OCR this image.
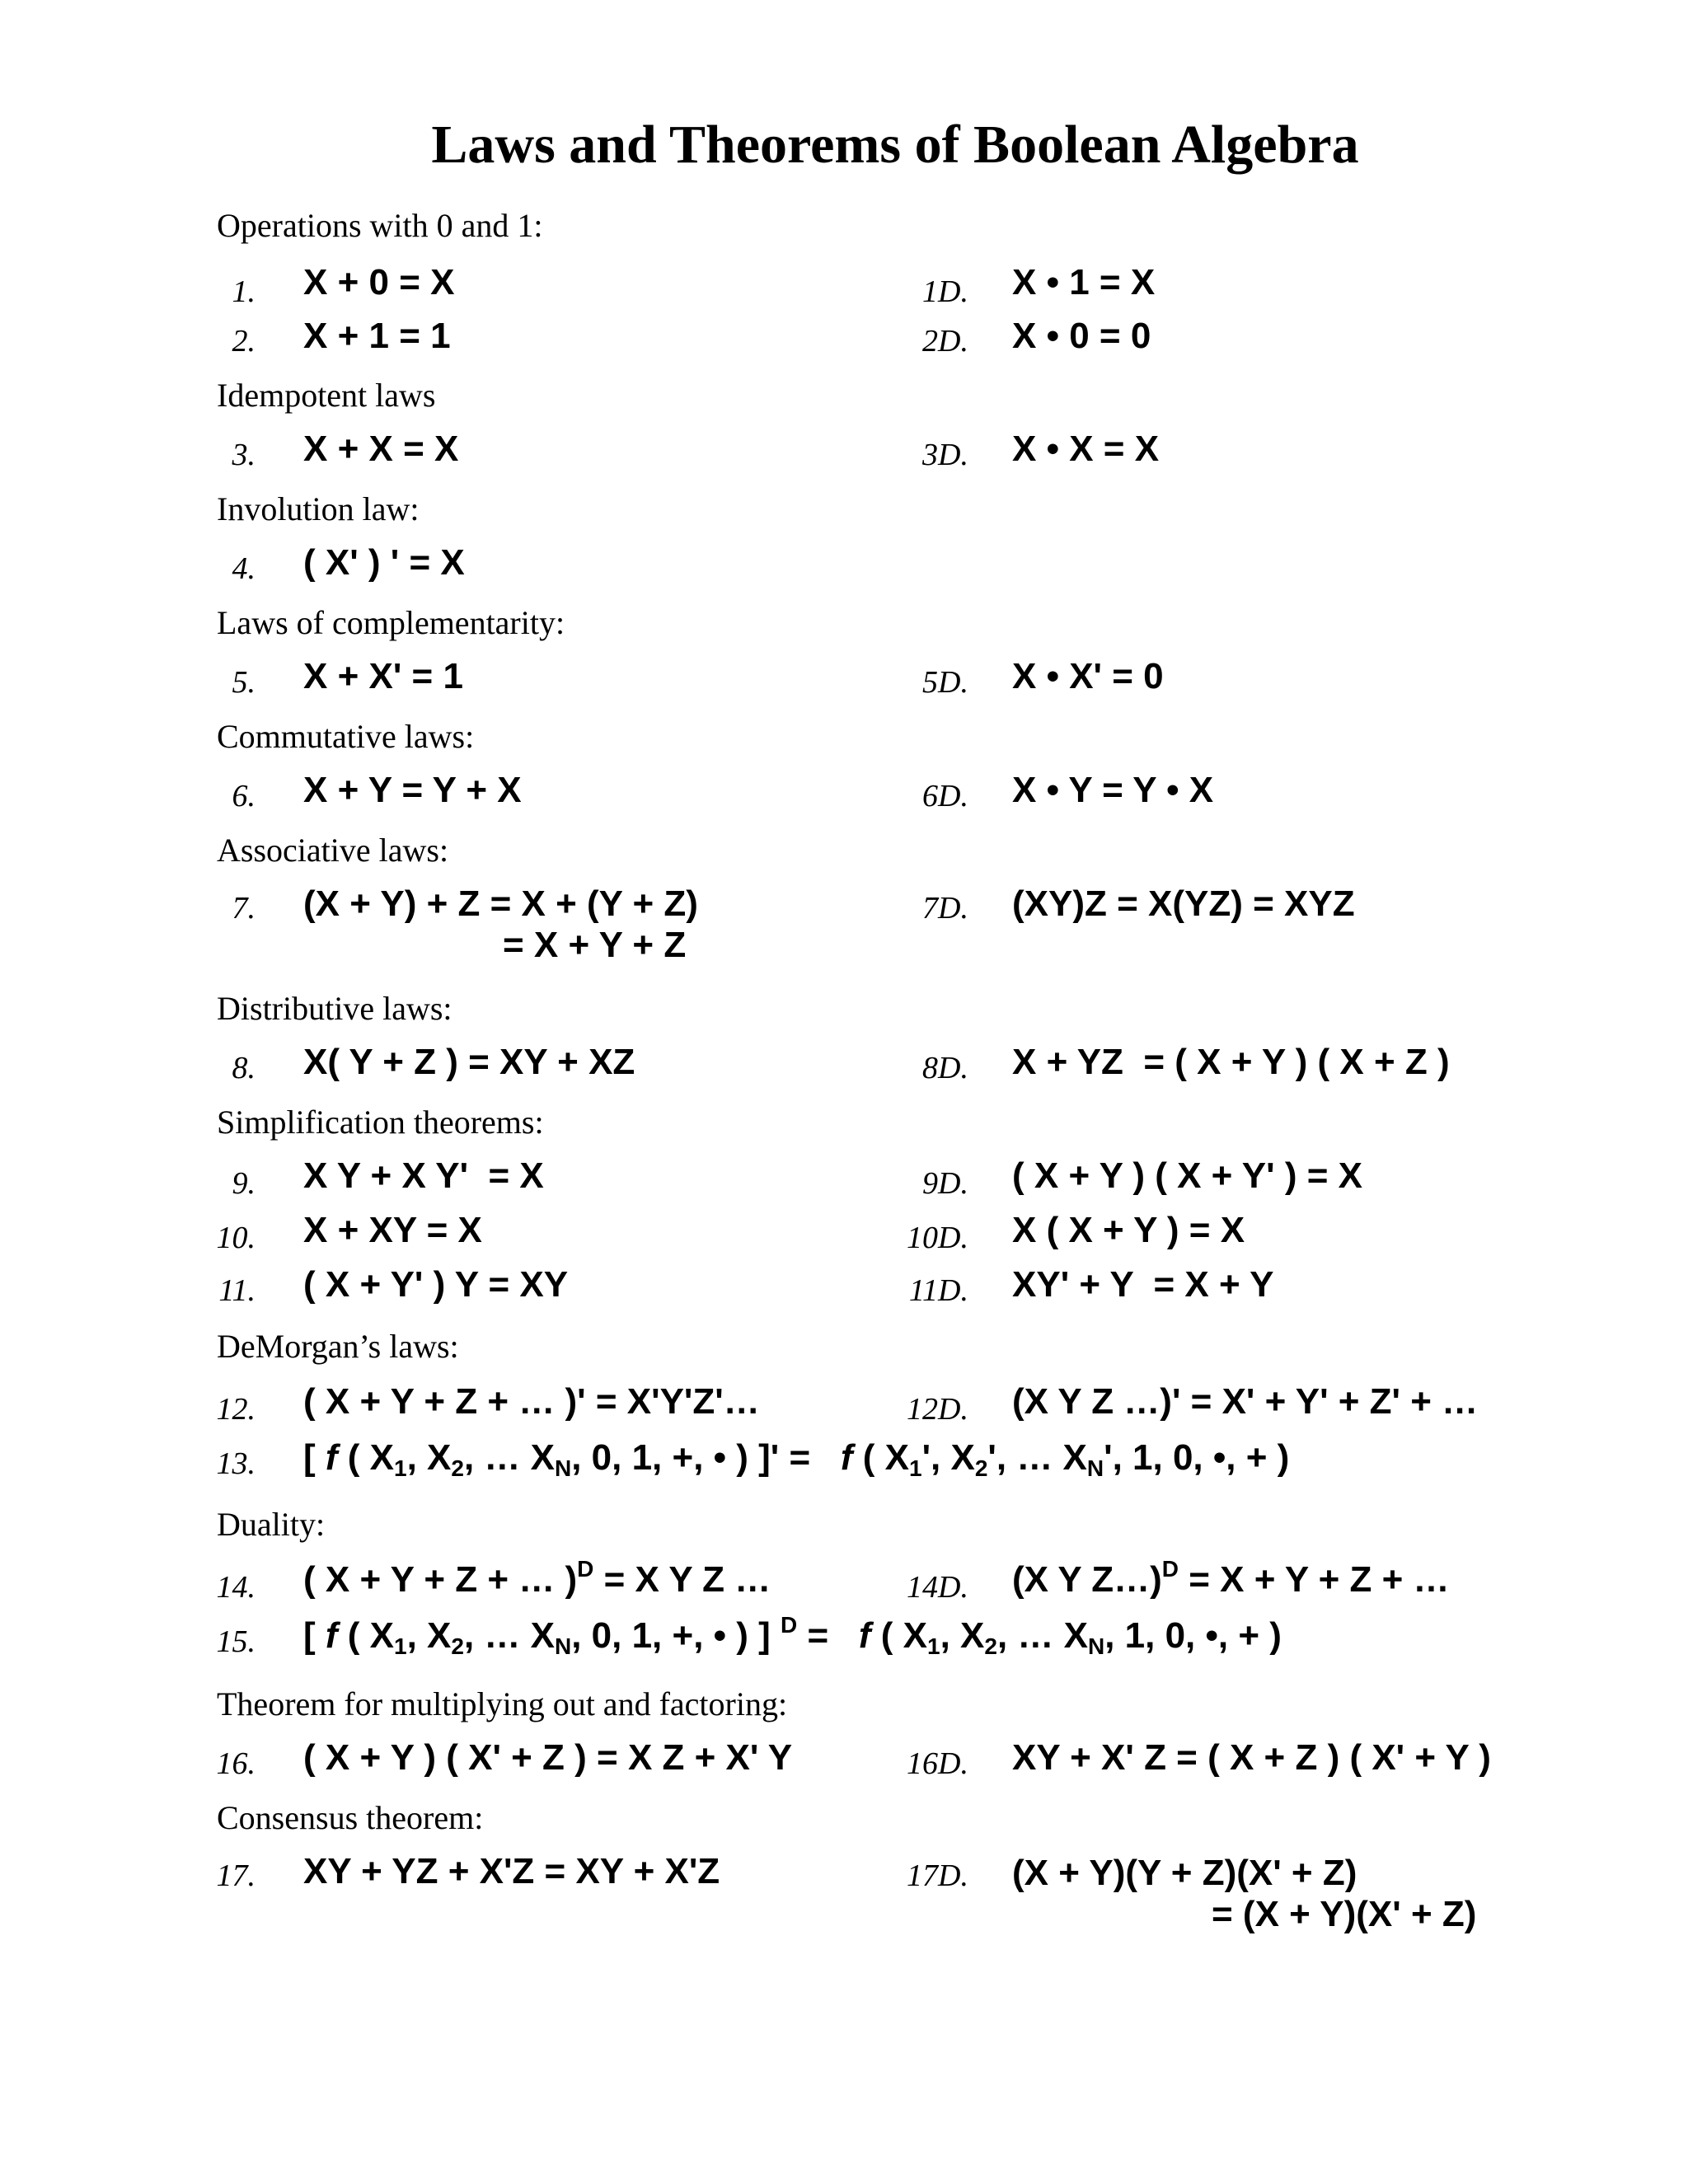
Laws and Theorems of Boolean Algebra
Operations with 0 and 1:
1. X + 0 = X	1D. X • 1 = X
2. X + 1 = 1	2D. X • 0 = 0
Idempotent laws
3. X + X = X	3D. X • X = X
Involution law:
4. ( X' ) ' = X
Laws of complementarity:
5. X + X' = 1	5D. X • X' = 0
Commutative laws:
6. X + Y = Y + X	6D. X • Y = Y • X
Associative laws:
7. (X + Y) + Z = X + (Y + Z)
= X + Y + Z
7D. (XY)Z = X(YZ) = XYZ
Distributive laws:
8. X( Y + Z ) = XY + XZ	8D. X + YZ  = ( X + Y ) ( X + Z )
Simplification theorems:
9. X Y + X Y'  = X	9D. ( X + Y ) ( X + Y' ) = X
10. X + XY = X	10D. X ( X + Y ) = X
11. ( X + Y' ) Y = XY	11D. XY' + Y  = X + Y
DeMorgan’s laws:
12. ( X + Y + Z + … )' = X'Y'Z'…	12D. (X Y Z …)' = X' + Y' + Z' + …
13. [ f ( $X_1$, $X_2$, … $X_N$, 0, 1, +, • ) ]' =   f ( $X_1'$, $X_2'$, … $X_N'$, 1, 0, •, + )
Duality:
14. ( X + Y + Z + … )$^D$ = X Y Z …	14D. (X Y Z…)$^D$ = X + Y + Z + …
15. [ f ( $X_1$, $X_2$, … $X_N$, 0, 1, +, • ) ] $^D$ =   f ( $X_1$, $X_2$, … $X_N$, 1, 0, •, + )
Theorem for multiplying out and factoring:
16. ( X + Y ) ( X' + Z ) = X Z + X' Y	16D. XY + X' Z = ( X + Z ) ( X' + Y )
Consensus theorem:
17. XY + YZ + X'Z = XY + X'Z	17D. (X + Y)(Y + Z)(X' + Z)
= (X + Y)(X' + Z)
